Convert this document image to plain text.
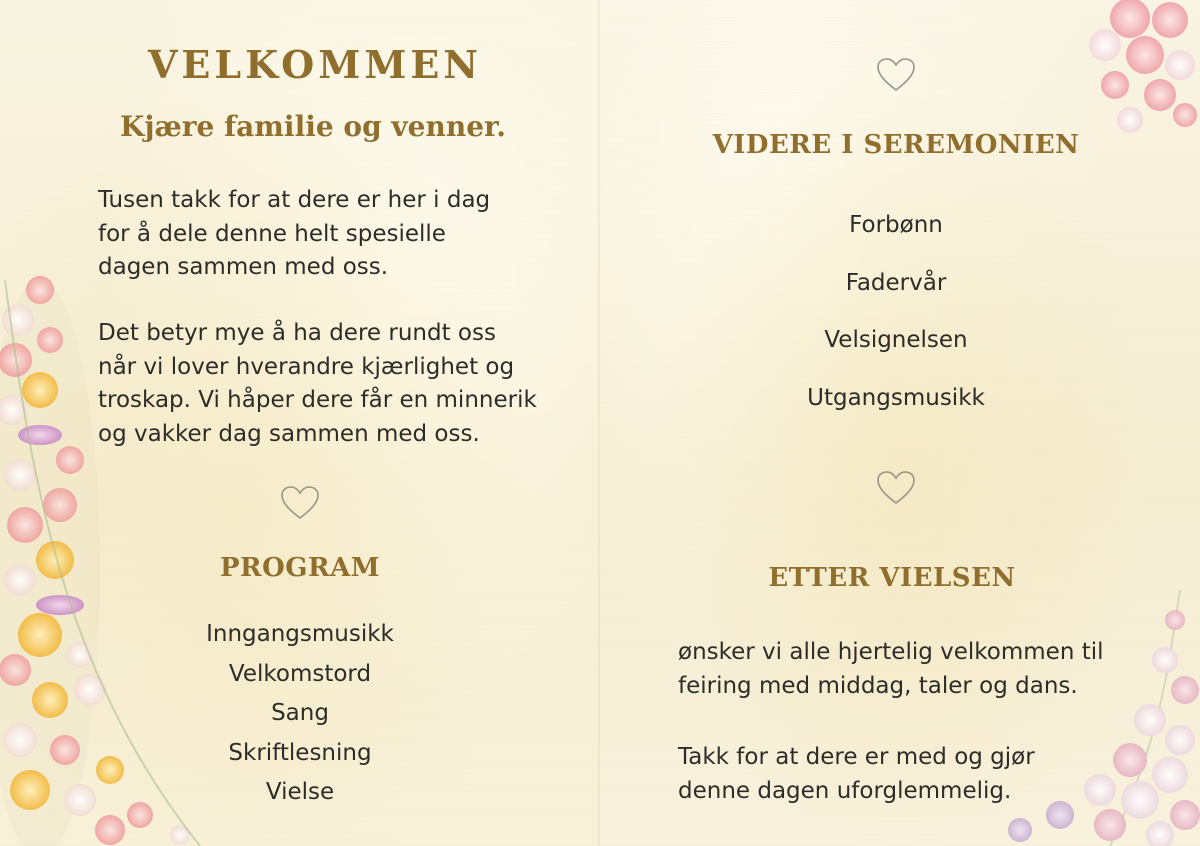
VELKOMMEN
Kjære familie og venner.

Tusen takk for at dere er her i dag
for å dele denne helt spesielle
dagen sammen med oss.

Det betyr mye å ha dere rundt oss
når vi lover hverandre kjærlighet og
troskap. Vi håper dere får en minnerik
og vakker dag sammen med oss.

PROGRAM
Inngangsmusikk
Velkomstord
Sang
Skriftlesning
Vielse
VIDERE I SEREMONIEN
Forbønn
Fadervår
Velsignelsen
Utgangsmusikk
ETTER VIELSEN

ønsker vi alle hjertelig velkommen til
feiring med middag, taler og dans.

Takk for at dere er med og gjør
denne dagen uforglemmelig.
